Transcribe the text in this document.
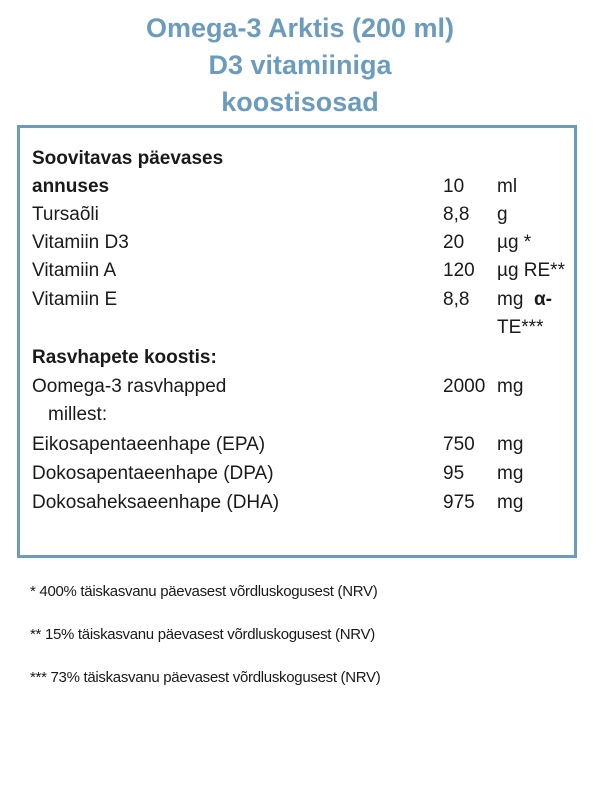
Omega-3 Arktis (200 ml)
D3 vitamiiniga
koostisosad
Soovitavas päevases
annuses	10 ml
Tursaõli	8,8 g
Vitamiin D3	20 µg *
Vitamiin A	120 µg RE**
Vitamiin E	8,8 mg α-
TE***
Rasvhapete koostis:
Oomega-3 rasvhapped	2000 mg
millest:
Eikosapentaeenhape (EPA)	750 mg
Dokosapentaeenhape (DPA)	95 mg
Dokosaheksaeenhape (DHA)	975 mg
* 400% täiskasvanu päevasest võrdluskogusest (NRV)
** 15% täiskasvanu päevasest võrdluskogusest (NRV)
*** 73% täiskasvanu päevasest võrdluskogusest (NRV)
